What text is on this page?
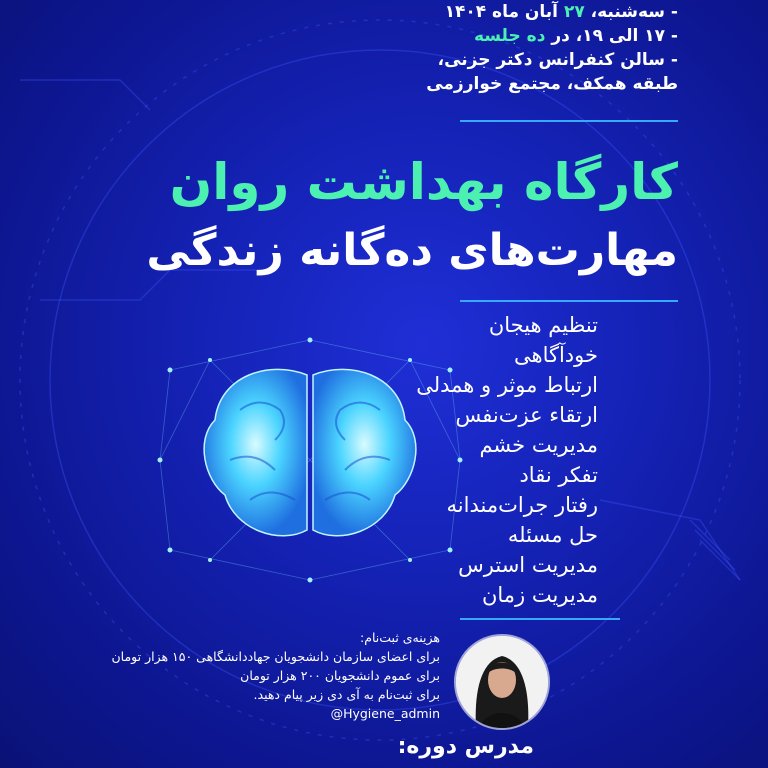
- سه‌شنبه، ۲۷ آبان ماه ۱۴۰۴
- ۱۷ الی ۱۹، در ده جلسه
- سالن کنفرانس دکتر جزنی،
طبقه همکف، مجتمع خوارزمی
کارگاه بهداشت روان
مهارت‌های ده‌گانه زندگی
تنظیم هیجان
خودآگاهی
ارتباط موثر و همدلی
ارتقاء عزت‌نفس
مدیریت خشم
تفکر نقاد
رفتار جرات‌مندانه
حل مسئله
مدیریت استرس
مدیریت زمان
هزینه‌ی ثبت‌نام:
برای اعضای سازمان دانشجویان جهاددانشگاهی ۱۵۰ هزار تومان
برای عموم دانشجویان ۲۰۰ هزار تومان
برای ثبت‌نام به آی دی زیر پیام دهید.
@Hygiene_admin
مدرس دوره:
